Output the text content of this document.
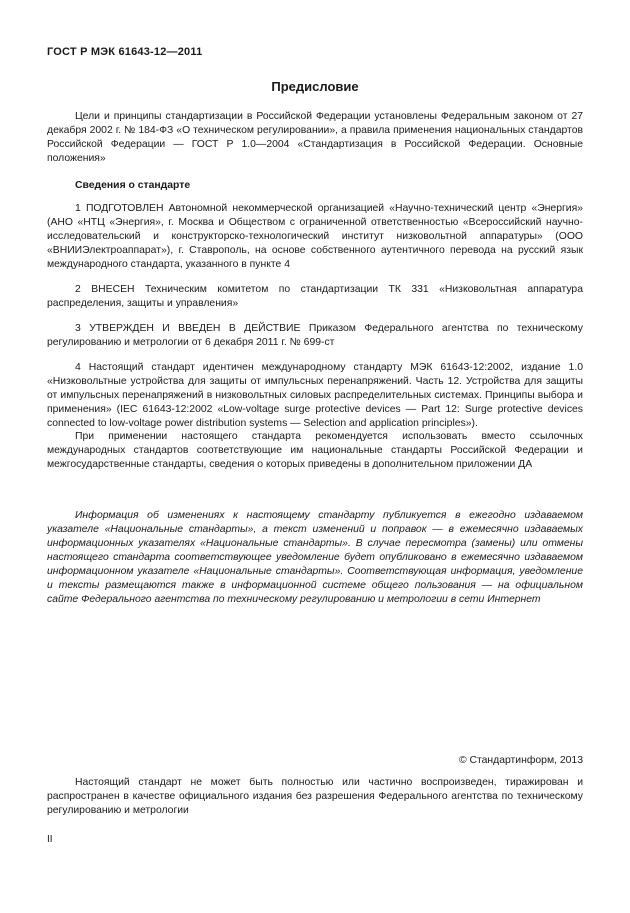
ГОСТ Р МЭК 61643-12—2011
Предисловие

Цели и принципы стандартизации в Российской Федерации установлены Федеральным законом от 27 декабря 2002 г. № 184-ФЗ «О техническом регулировании», а правила применения национальных стандартов Российской Федерации — ГОСТ Р 1.0—2004 «Стандартизация в Российской Федерации. Основные положения»

Сведения о стандарте

1 ПОДГОТОВЛЕН Автономной некоммерческой организацией «Научно-технический центр «Энергия» (АНО «НТЦ «Энергия», г. Москва и Обществом с ограниченной ответственностью «Всероссийский научно-исследовательский и конструкторско-технологический институт низковольтной аппаратуры» (ООО «ВНИИЭлектроаппарат»), г. Ставрополь, на основе собственного аутентичного перевода на русский язык международного стандарта, указанного в пункте 4

2 ВНЕСЕН Техническим комитетом по стандартизации ТК 331 «Низковольтная аппаратура распределения, защиты и управления»

3 УТВЕРЖДЕН И ВВЕДЕН В ДЕЙСТВИЕ Приказом Федерального агентства по техническому регулированию и метрологии от 6 декабря 2011 г. № 699-ст

4 Настоящий стандарт идентичен международному стандарту МЭК 61643-12:2002, издание 1.0 «Низковольтные устройства для защиты от импульсных перенапряжений. Часть 12. Устройства для защиты от импульсных перенапряжений в низковольтных силовых распределительных системах. Принципы выбора и применения» (IEC 61643-12:2002 «Low-voltage surge protective devices — Part 12: Surge protective devices connected to low-voltage power distribution systems — Selection and application principles»).

При применении настоящего стандарта рекомендуется использовать вместо ссылочных международных стандартов соответствующие им национальные стандарты Российской Федерации и межгосударственные стандарты, сведения о которых приведены в дополнительном приложении ДА

Информация об изменениях к настоящему стандарту публикуется в ежегодно издаваемом указателе «Национальные стандарты», а текст изменений и поправок — в ежемесячно издаваемых информационных указателях «Национальные стандарты». В случае пересмотра (замены) или отмены настоящего стандарта соответствующее уведомление будет опубликовано в ежемесячно издаваемом информационном указателе «Национальные стандарты». Соответствующая информация, уведомление и тексты размещаются также в информационной системе общего пользования — на официальном сайте Федерального агентства по техническому регулированию и метрологии в сети Интернет

© Стандартинформ, 2013

Настоящий стандарт не может быть полностью или частично воспроизведен, тиражирован и распространен в качестве официального издания без разрешения Федерального агентства по техническому регулированию и метрологии

II
